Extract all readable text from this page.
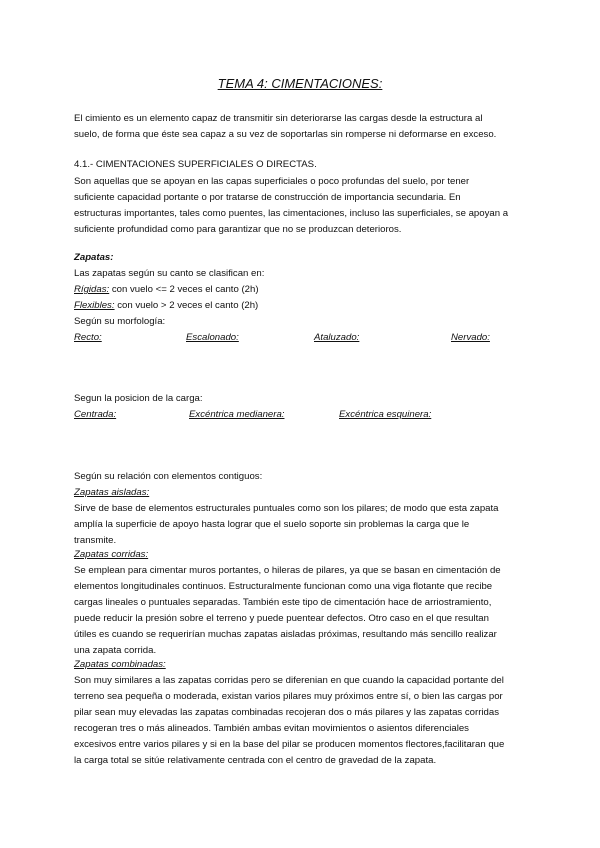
TEMA 4: CIMENTACIONES:
El cimiento es un elemento capaz de transmitir sin deteriorarse las cargas desde la estructura al
suelo, de forma que éste sea capaz a su vez de soportarlas sin romperse ni deformarse en exceso.
4.1.- CIMENTACIONES SUPERFICIALES O DIRECTAS.
Son aquellas que se apoyan en las capas superficiales o poco profundas del suelo, por tener
suficiente capacidad portante o por tratarse de construcción de importancia secundaria. En
estructuras importantes, tales como puentes, las cimentaciones, incluso las superficiales, se apoyan a
suficiente profundidad como para garantizar que no se produzcan deterioros.
Zapatas:
Las zapatas según su canto se clasifican en:
Rígidas: con vuelo <= 2 veces el canto (2h)
Flexibles: con vuelo > 2 veces el canto (2h)
Según su morfología:
Recto:	Escalonado:	Ataluzado:	Nervado:
Segun la posicion de la carga:
Centrada:	Excéntrica medianera:	Excéntrica esquinera:
Según su relación con elementos contiguos:
Zapatas aisladas:
Sirve de base de elementos estructurales puntuales como son los pilares; de modo que esta zapata
amplía la superficie de apoyo hasta lograr que el suelo soporte sin problemas la carga que le
transmite.
Zapatas corridas:
Se emplean para cimentar muros portantes, o hileras de pilares, ya que se basan en cimentación de
elementos longitudinales continuos. Estructuralmente funcionan como una viga flotante que recibe
cargas lineales o puntuales separadas. También este tipo de cimentación hace de arriostramiento,
puede reducir la presión sobre el terreno y puede puentear defectos. Otro caso en el que resultan
útiles es cuando se requerirían muchas zapatas aisladas próximas, resultando más sencillo realizar
una zapata corrida.
Zapatas combinadas:
Son muy similares a las zapatas corridas pero se diferenian en que cuando la capacidad portante del
terreno sea pequeña o moderada, existan varios pilares muy próximos entre sí, o bien las cargas por
pilar sean muy elevadas las zapatas combinadas recojeran dos o más pilares y las zapatas corridas
recogeran tres o más alineados. También ambas evitan movimientos o asientos diferenciales
excesivos entre varios pilares y si en la base del pilar se producen momentos flectores,facilitaran que
la carga total se sitúe relativamente centrada con el centro de gravedad de la zapata.
